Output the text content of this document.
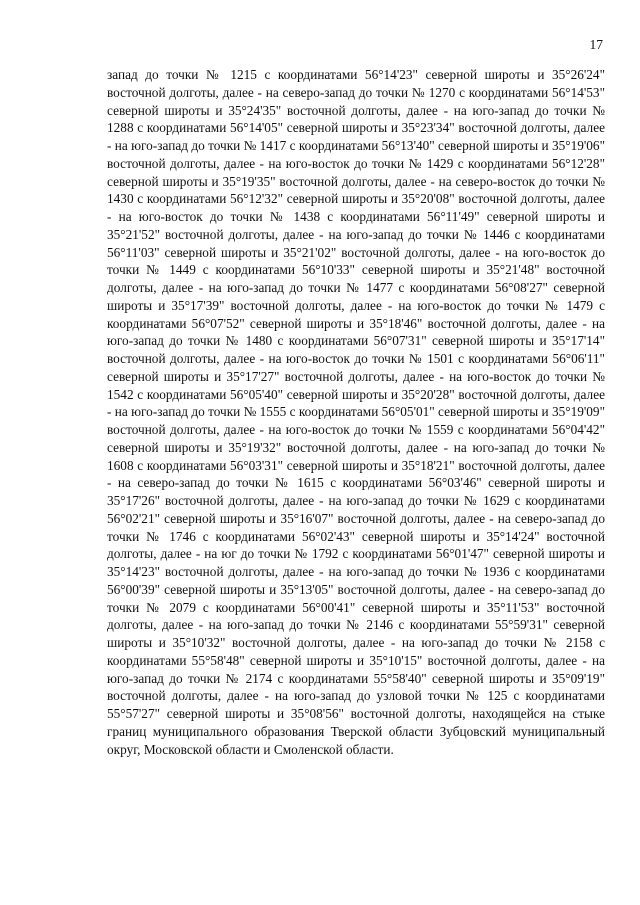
17

запад до точки № 1215 с координатами 56°14'23" северной широты и 35°26'24" восточной долготы, далее - на северо-запад до точки № 1270 с координатами 56°14'53" северной широты и 35°24'35" восточной долготы, далее - на юго-запад до точки № 1288 с координатами 56°14'05" северной широты и 35°23'34" восточной долготы, далее - на юго-запад до точки № 1417 с координатами 56°13'40" северной широты и 35°19'06" восточной долготы, далее - на юго-восток до точки № 1429 с координатами 56°12'28" северной широты и 35°19'35" восточной долготы, далее - на северо-восток до точки № 1430 с координатами 56°12'32" северной широты и 35°20'08" восточной долготы, далее - на юго-восток до точки № 1438 с координатами 56°11'49" северной широты и 35°21'52" восточной долготы, далее - на юго-запад до точки № 1446 с координатами 56°11'03" северной широты и 35°21'02" восточной долготы, далее - на юго-восток до точки № 1449 с координатами 56°10'33" северной широты и 35°21'48" восточной долготы, далее - на юго-запад до точки № 1477 с координатами 56°08'27" северной широты и 35°17'39" восточной долготы, далее - на юго-восток до точки № 1479 с координатами 56°07'52" северной широты и 35°18'46" восточной долготы, далее - на юго-запад до точки № 1480 с координатами 56°07'31" северной широты и 35°17'14" восточной долготы, далее - на юго-восток до точки № 1501 с координатами 56°06'11" северной широты и 35°17'27" восточной долготы, далее - на юго-восток до точки № 1542 с координатами 56°05'40" северной широты и 35°20'28" восточной долготы, далее - на юго-запад до точки № 1555 с координатами 56°05'01" северной широты и 35°19'09" восточной долготы, далее - на юго-восток до точки № 1559 с координатами 56°04'42" северной широты и 35°19'32" восточной долготы, далее - на юго-запад до точки № 1608 с координатами 56°03'31" северной широты и 35°18'21" восточной долготы, далее - на северо-запад до точки № 1615 с координатами 56°03'46" северной широты и 35°17'26" восточной долготы, далее - на юго-запад до точки № 1629 с координатами 56°02'21" северной широты и 35°16'07" восточной долготы, далее - на северо-запад до точки № 1746 с координатами 56°02'43" северной широты и 35°14'24" восточной долготы, далее - на юг до точки № 1792 с координатами 56°01'47" северной широты и 35°14'23" восточной долготы, далее - на юго-запад до точки № 1936 с координатами 56°00'39" северной широты и 35°13'05" восточной долготы, далее - на северо-запад до точки № 2079 с координатами 56°00'41" северной широты и 35°11'53" восточной долготы, далее - на юго-запад до точки № 2146 с координатами 55°59'31" северной широты и 35°10'32" восточной долготы, далее - на юго-запад до точки № 2158 с координатами 55°58'48" северной широты и 35°10'15" восточной долготы, далее - на юго-запад до точки № 2174 с координатами 55°58'40" северной широты и 35°09'19" восточной долготы, далее - на юго-запад до узловой точки № 125 с координатами 55°57'27" северной широты и 35°08'56" восточной долготы, находящейся на стыке границ муниципального образования Тверской области Зубцовский муниципальный округ, Московской области и Смоленской области.
